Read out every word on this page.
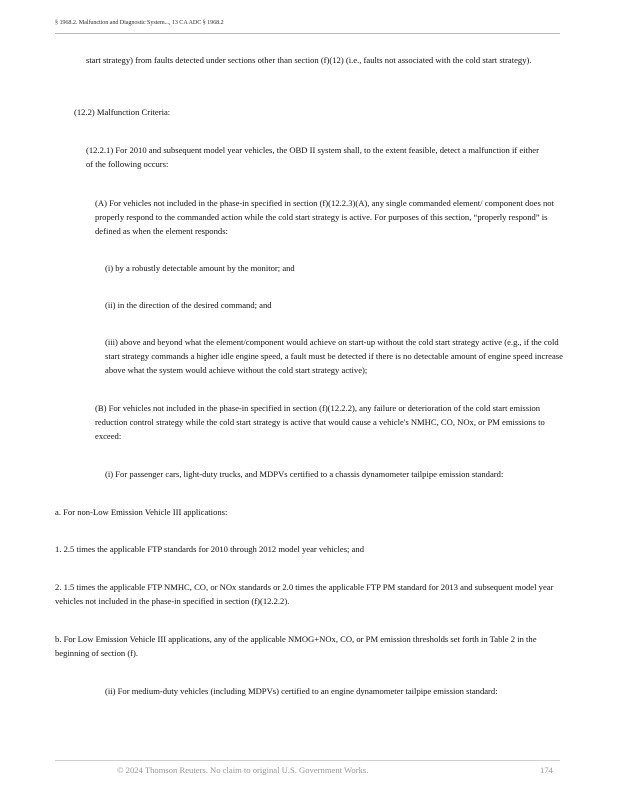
§ 1968.2. Malfunction and Diagnostic System..., 13 CA ADC § 1968.2

start strategy) from faults detected under sections other than section (f)(12) (i.e., faults not associated with the cold start strategy).

(12.2) Malfunction Criteria:

(12.2.1) For 2010 and subsequent model year vehicles, the OBD II system shall, to the extent feasible, detect a malfunction if either of the following occurs:

(A) For vehicles not included in the phase-in specified in section (f)(12.2.3)(A), any single commanded element/ component does not properly respond to the commanded action while the cold start strategy is active. For purposes of this section, “properly respond” is defined as when the element responds:

(i) by a robustly detectable amount by the monitor; and

(ii) in the direction of the desired command; and

(iii) above and beyond what the element/component would achieve on start-up without the cold start strategy active (e.g., if the cold start strategy commands a higher idle engine speed, a fault must be detected if there is no detectable amount of engine speed increase above what the system would achieve without the cold start strategy active);

(B) For vehicles not included in the phase-in specified in section (f)(12.2.2), any failure or deterioration of the cold start emission reduction control strategy while the cold start strategy is active that would cause a vehicle's NMHC, CO, NOx, or PM emissions to exceed:

(i) For passenger cars, light-duty trucks, and MDPVs certified to a chassis dynamometer tailpipe emission standard:

a. For non-Low Emission Vehicle III applications:

1. 2.5 times the applicable FTP standards for 2010 through 2012 model year vehicles; and

2. 1.5 times the applicable FTP NMHC, CO, or NOx standards or 2.0 times the applicable FTP PM standard for 2013 and subsequent model year vehicles not included in the phase-in specified in section (f)(12.2.2).

b. For Low Emission Vehicle III applications, any of the applicable NMOG+NOx, CO, or PM emission thresholds set forth in Table 2 in the beginning of section (f).

(ii) For medium-duty vehicles (including MDPVs) certified to an engine dynamometer tailpipe emission standard:

© 2024 Thomson Reuters. No claim to original U.S. Government Works.	174
